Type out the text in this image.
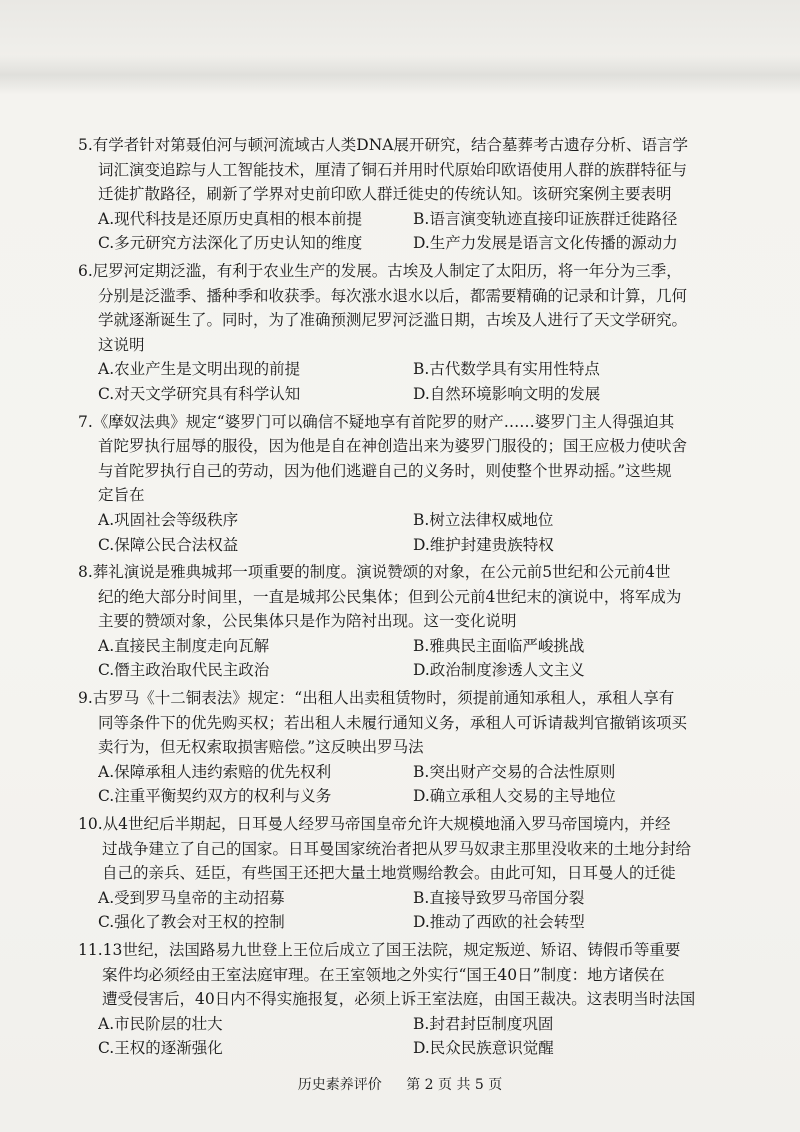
5.有学者针对第聂伯河与顿河流域古人类DNA展开研究，结合墓葬考古遗存分析、语言学
词汇演变追踪与人工智能技术，厘清了铜石并用时代原始印欧语使用人群的族群特征与
迁徙扩散路径，刷新了学界对史前印欧人群迁徙史的传统认知。该研究案例主要表明
A.现代科技是还原历史真相的根本前提	B.语言演变轨迹直接印证族群迁徙路径
C.多元研究方法深化了历史认知的维度	D.生产力发展是语言文化传播的源动力
6.尼罗河定期泛滥，有利于农业生产的发展。古埃及人制定了太阳历，将一年分为三季，
分别是泛滥季、播种季和收获季。每次涨水退水以后，都需要精确的记录和计算，几何
学就逐渐诞生了。同时，为了准确预测尼罗河泛滥日期，古埃及人进行了天文学研究。
这说明
A.农业产生是文明出现的前提	B.古代数学具有实用性特点
C.对天文学研究具有科学认知	D.自然环境影响文明的发展
7.《摩奴法典》规定“婆罗门可以确信不疑地享有首陀罗的财产……婆罗门主人得强迫其
首陀罗执行屈辱的服役，因为他是自在神创造出来为婆罗门服役的；国王应极力使吠舍
与首陀罗执行自己的劳动，因为他们逃避自己的义务时，则使整个世界动摇。”这些规
定旨在
A.巩固社会等级秩序	B.树立法律权威地位
C.保障公民合法权益	D.维护封建贵族特权
8.葬礼演说是雅典城邦一项重要的制度。演说赞颂的对象，在公元前5世纪和公元前4世
纪的绝大部分时间里，一直是城邦公民集体；但到公元前4世纪末的演说中，将军成为
主要的赞颂对象，公民集体只是作为陪衬出现。这一变化说明
A.直接民主制度走向瓦解	B.雅典民主面临严峻挑战
C.僭主政治取代民主政治	D.政治制度渗透人文主义
9.古罗马《十二铜表法》规定：“出租人出卖租赁物时，须提前通知承租人，承租人享有
同等条件下的优先购买权；若出租人未履行通知义务，承租人可诉请裁判官撤销该项买
卖行为，但无权索取损害赔偿。”这反映出罗马法
A.保障承租人违约索赔的优先权利	B.突出财产交易的合法性原则
C.注重平衡契约双方的权利与义务	D.确立承租人交易的主导地位
10.从4世纪后半期起，日耳曼人经罗马帝国皇帝允许大规模地涌入罗马帝国境内，并经
过战争建立了自己的国家。日耳曼国家统治者把从罗马奴隶主那里没收来的土地分封给
自己的亲兵、廷臣，有些国王还把大量土地赏赐给教会。由此可知，日耳曼人的迁徙
A.受到罗马皇帝的主动招募	B.直接导致罗马帝国分裂
C.强化了教会对王权的控制	D.推动了西欧的社会转型
11.13世纪，法国路易九世登上王位后成立了国王法院，规定叛逆、矫诏、铸假币等重要
案件均必须经由王室法庭审理。在王室领地之外实行“国王40日”制度：地方诸侯在
遭受侵害后，40日内不得实施报复，必须上诉王室法庭，由国王裁决。这表明当时法国
A.市民阶层的壮大	B.封君封臣制度巩固
C.王权的逐渐强化	D.民众民族意识觉醒
历史素养评价 第 2 页 共 5 页
